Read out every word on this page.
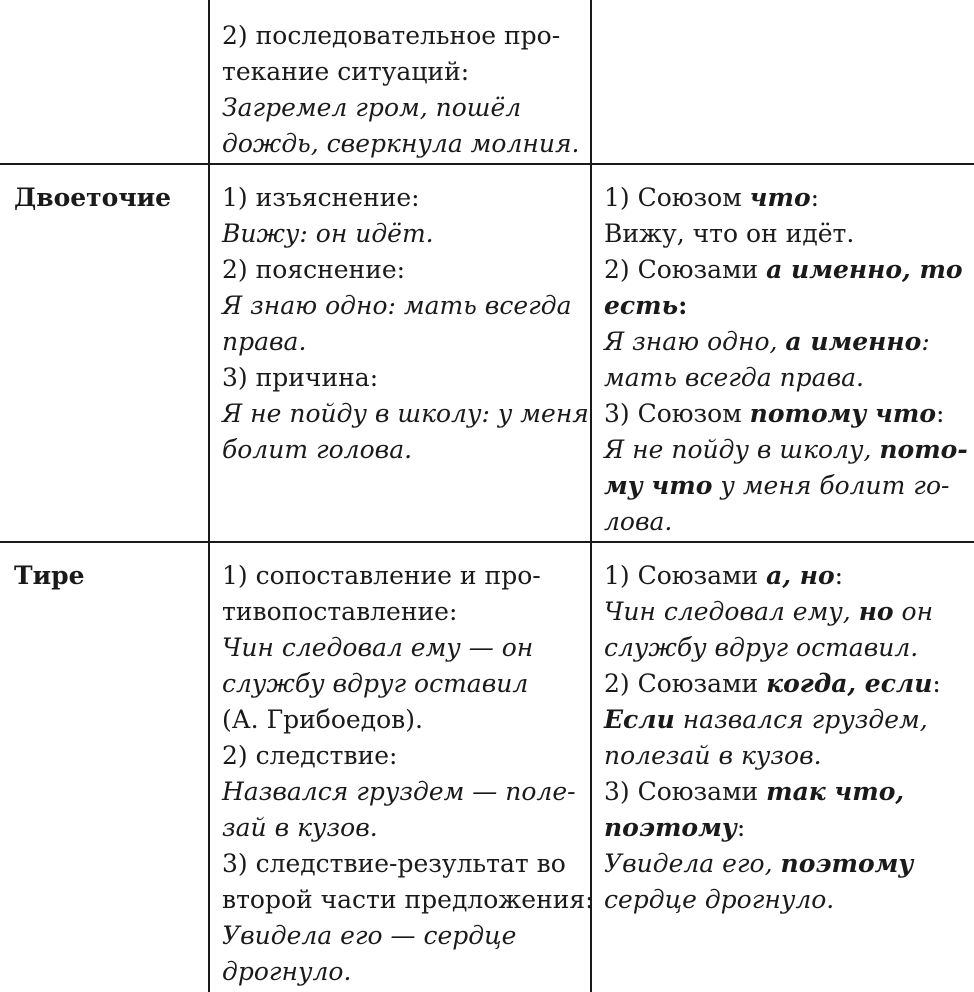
2) последовательное про-
текание ситуаций:
Загремел гром, пошёл
дождь, сверкнула молния.
Двоеточие 1) изъяснение:
Вижу: он идёт.
2) пояснение:
Я знаю одно: мать всегда
права.
3) причина:
Я не пойду в школу: у меня
болит голова.
1) Союзом что:
Вижу, что он идёт.
2) Союзами а именно, то
есть:
Я знаю одно, а именно:
мать всегда права.
3) Союзом потому что:
Я не пойду в школу, пото-
му что у меня болит го-
лова.
Тире	1) сопоставление и про-
тивопоставление:
Чин следовал ему — он
службу вдруг оставил
(А. Грибоедов).
2) следствие:
Назвался груздем — поле-
зай в кузов.
3) следствие-результат во
второй части предложения:
Увидела его — сердце
дрогнуло.
1) Союзами а, но:
Чин следовал ему, но он
службу вдруг оставил.
2) Союзами когда, если:
Если назвался груздем,
полезай в кузов.
3) Союзами так что,
поэтому:
Увидела его, поэтому
сердце дрогнуло.
